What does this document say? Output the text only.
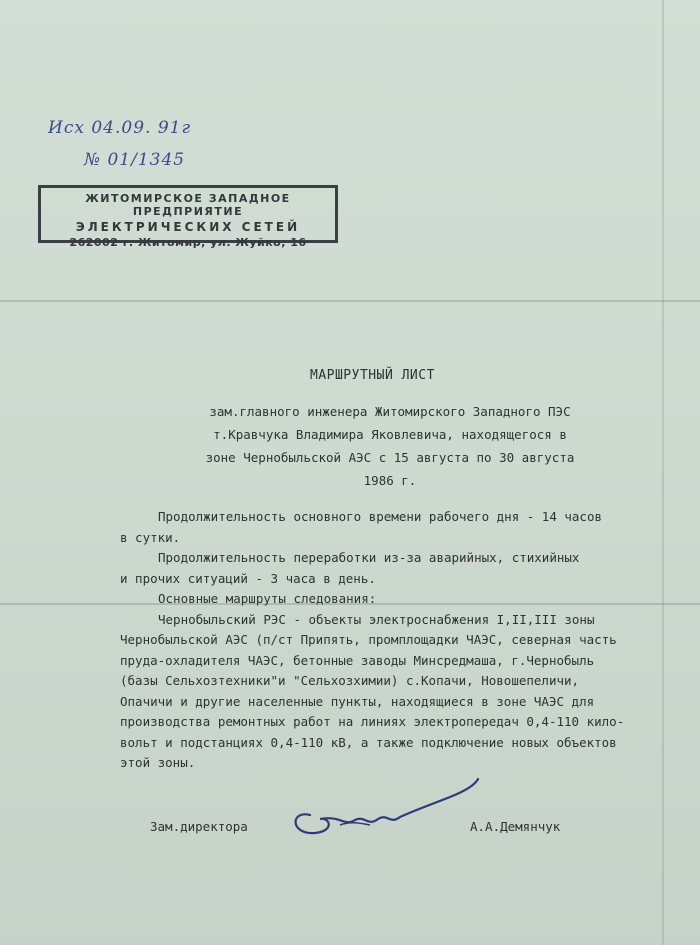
Исх 04.09. 91г
№ 01/1345
ЖИТОМИРСКОЕ ЗАПАДНОЕ ПРЕДПРИЯТИЕ
ЭЛЕКТРИЧЕСКИХ СЕТЕЙ
262002 г. Житомир, ул. Жуйко, 16
МАРШРУТНЫЙ ЛИСТ
зам.главного инженера Житомирского Западного ПЭС
т.Кравчука Владимира Яковлевича, находящегося в
зоне Чернобыльской АЭС с 15 августа по 30 августа
1986 г.
Продолжительность основного времени рабочего дня - 14 часов
в сутки.
Продолжительность переработки из-за аварийных, стихийных
и прочих ситуаций - 3 часа в день.
Основные маршруты следования:
Чернобыльский РЭС - объекты электроснабжения I,II,III зоны
Чернобыльской АЭС (п/ст Припять, промплощадки ЧАЭС, северная часть
пруда-охладителя ЧАЭС, бетонные заводы Минсредмаша, г.Чернобыль
(базы Сельхозтехники"и "Сельхозхимии) с.Копачи, Новошепеличи,
Опачичи и другие населенные пункты, находящиеся в зоне ЧАЭС для
производства ремонтных работ на линиях электропередач 0,4-110 кило-
вольт и подстанциях 0,4-110 кВ, а также подключение новых объектов
этой зоны.
Зам.директора	А.А.Демянчук
